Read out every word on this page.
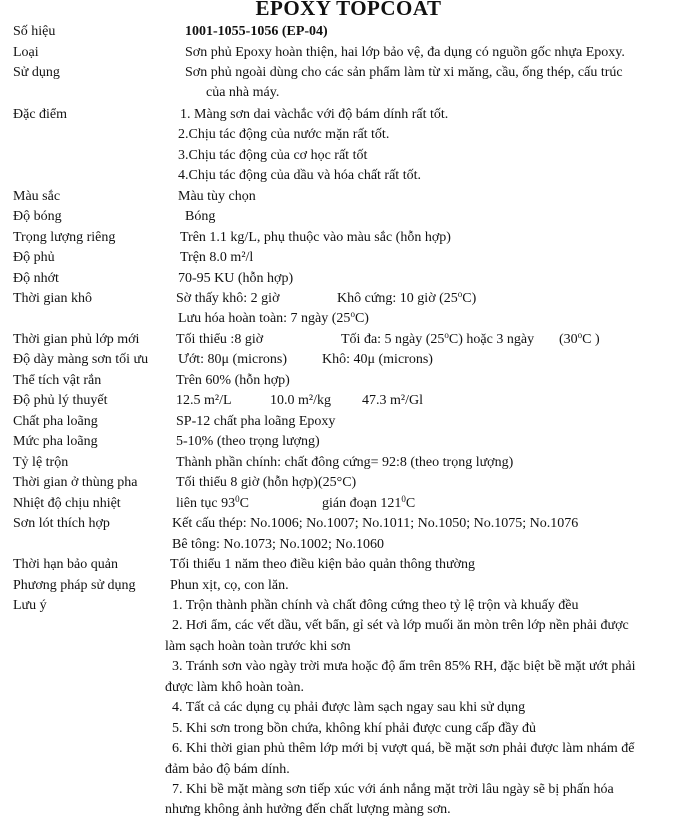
EPOXY TOPCOAT
Số hiệu	1001-1055-1056 (EP-04)
Loại	Sơn phủ Epoxy hoàn thiện, hai lớp bảo vệ, đa dụng có nguồn gốc nhựa Epoxy.
Sử dụng	Sơn phủ ngoài dùng cho các sản phẩm làm từ xi măng, cầu, ống thép, cấu trúc
của nhà máy.
Đặc điểm	1. Màng sơn dai vàchắc với độ bám dính rất tốt.
2.Chịu tác động của nước mặn rất tốt.
3.Chịu tác động của cơ học rất tốt
4.Chịu tác động của dầu và hóa chất rất tốt.
Màu sắc	Màu tùy chọn
Độ bóng	Bóng
Trọng lượng riêng	Trên 1.1 kg/L, phụ thuộc vào màu sắc (hỗn hợp)
Độ phủ	Trện 8.0 m²/l
Độ nhớt	70-95 KU (hỗn hợp)
Thời gian khô	Sờ thấy khô: 2 giờ	Khô cứng: 10 giờ (25$^o$C)
Lưu hóa hoàn toàn: 7 ngày (25$^o$C)
Thời gian phủ lớp mới	Tối thiểu :8 giờ	Tối đa: 5 ngày (25$^o$C) hoặc 3 ngày (30$^o$C )
Độ dày màng sơn tối ưu Ướt: 80μ (microns)	Khô: 40μ (microns)
Thể tích vật rắn	Trên 60% (hỗn hợp)
Độ phủ lý thuyết	12.5 m²/L	10.0 m²/kg 47.3 m²/Gl
Chất pha loãng	SP-12 chất pha loãng Epoxy
Mức pha loãng	5-10% (theo trọng lượng)
Tỷ lệ trộn	Thành phần chính: chất đông cứng= 92:8 (theo trọng lượng)
Thời gian ở thùng pha	Tối thiểu 8 giờ (hỗn hợp)(25°C)
Nhiệt độ chịu nhiệt	liên tục $93^0C$	gián đoạn $121^0C$
Sơn lót thích hợp	Kết cấu thép: No.1006; No.1007; No.1011; No.1050; No.1075; No.1076
Bê tông: No.1073; No.1002; No.1060
Thời hạn bảo quản	Tối thiểu 1 năm theo điều kiện bảo quản thông thường
Phương pháp sử dụng Phun xịt, cọ, con lăn.
Lưu ý	1. Trộn thành phần chính và chất đông cứng theo tỷ lệ trộn và khuấy đều
2. Hơi ẩm, các vết dầu, vết bẩn, gỉ sét và lớp muối ăn mòn trên lớp nền phải được
làm sạch hoàn toàn trước khi sơn
3. Tránh sơn vào ngày trời mưa hoặc độ ẩm trên 85% RH, đặc biệt bề mặt ướt phải
được làm khô hoàn toàn.
4. Tất cả các dụng cụ phải được làm sạch ngay sau khi sử dụng
5. Khi sơn trong bồn chứa, không khí phải được cung cấp đầy đủ
6. Khi thời gian phủ thêm lớp mới bị vượt quá, bề mặt sơn phải được làm nhám để
đảm bảo độ bám dính.
7. Khi bề mặt màng sơn tiếp xúc với ánh nắng mặt trời lâu ngày sẽ bị phấn hóa
nhưng không ảnh hưởng đến chất lượng màng sơn.
